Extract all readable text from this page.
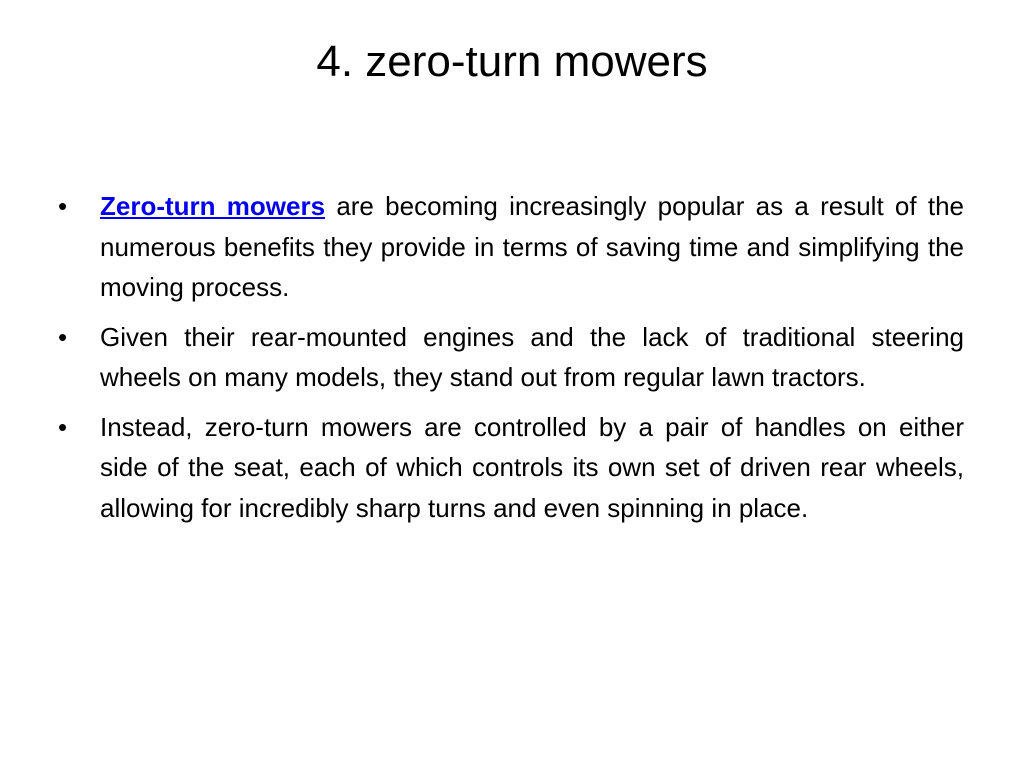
4. zero-turn mowers
•	Zero-turn mowers are becoming increasingly popular as a result of the numerous benefits they provide in terms of saving time and simplifying the moving process.
•	Given their rear-mounted engines and the lack of traditional steering wheels on many models, they stand out from regular lawn tractors.
•	Instead, zero-turn mowers are controlled by a pair of handles on either side of the seat, each of which controls its own set of driven rear wheels, allowing for incredibly sharp turns and even spinning in place.
